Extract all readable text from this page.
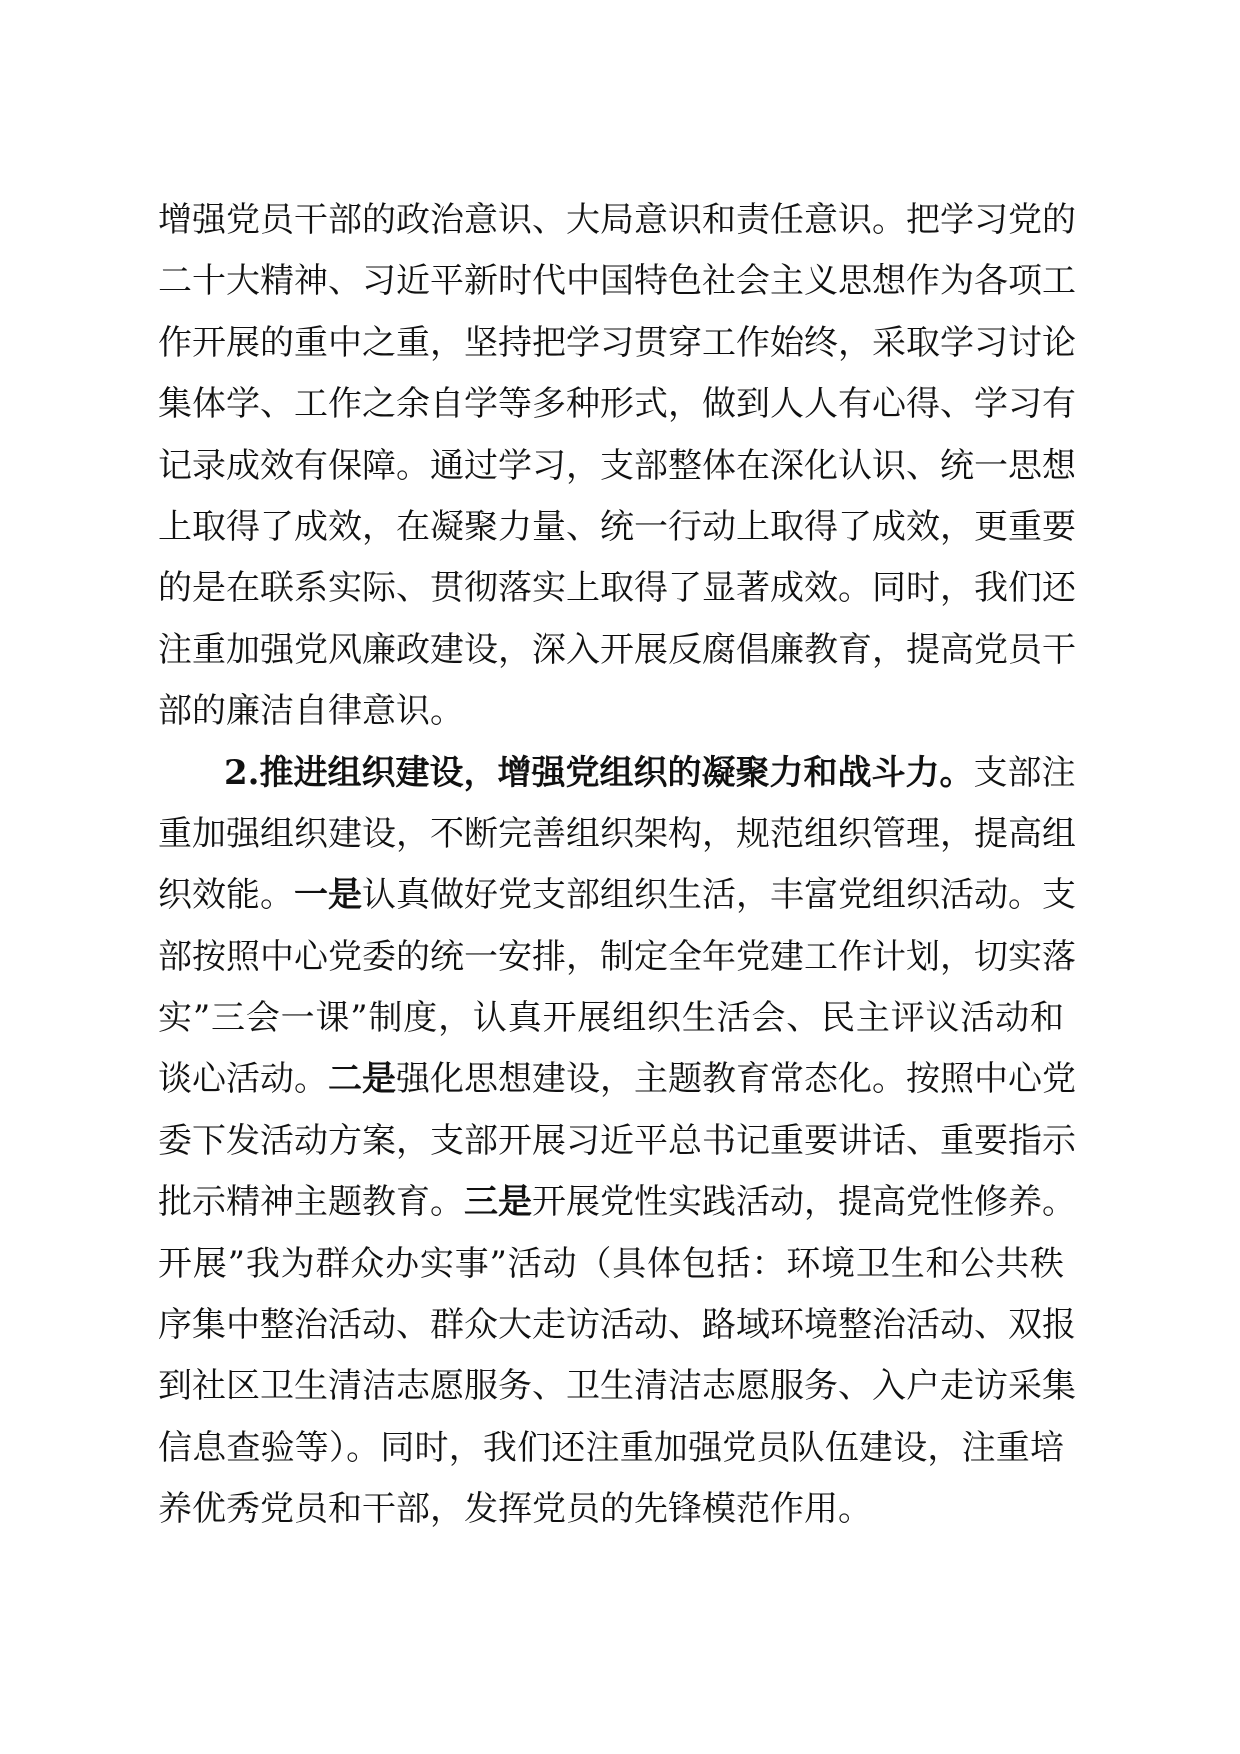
增强党员干部的政治意识、大局意识和责任意识。把学习党的
二十大精神、习近平新时代中国特色社会主义思想作为各项工
作开展的重中之重，坚持把学习贯穿工作始终，采取学习讨论
集体学、工作之余自学等多种形式，做到人人有心得、学习有
记录成效有保障。通过学习，支部整体在深化认识、统一思想
上取得了成效，在凝聚力量、统一行动上取得了成效，更重要
的是在联系实际、贯彻落实上取得了显著成效。同时，我们还
注重加强党风廉政建设，深入开展反腐倡廉教育，提高党员干
部的廉洁自律意识。
2.推进组织建设，增强党组织的凝聚力和战斗力。支部注
重加强组织建设，不断完善组织架构，规范组织管理，提高组
织效能。一是认真做好党支部组织生活，丰富党组织活动。支
部按照中心党委的统一安排，制定全年党建工作计划，切实落
实”三会一课”制度，认真开展组织生活会、民主评议活动和
谈心活动。二是强化思想建设，主题教育常态化。按照中心党
委下发活动方案，支部开展习近平总书记重要讲话、重要指示
批示精神主题教育。三是开展党性实践活动，提高党性修养。
开展”我为群众办实事”活动（具体包括：环境卫生和公共秩
序集中整治活动、群众大走访活动、路域环境整治活动、双报
到社区卫生清洁志愿服务、卫生清洁志愿服务、入户走访采集
信息查验等）。同时，我们还注重加强党员队伍建设，注重培
养优秀党员和干部，发挥党员的先锋模范作用。
